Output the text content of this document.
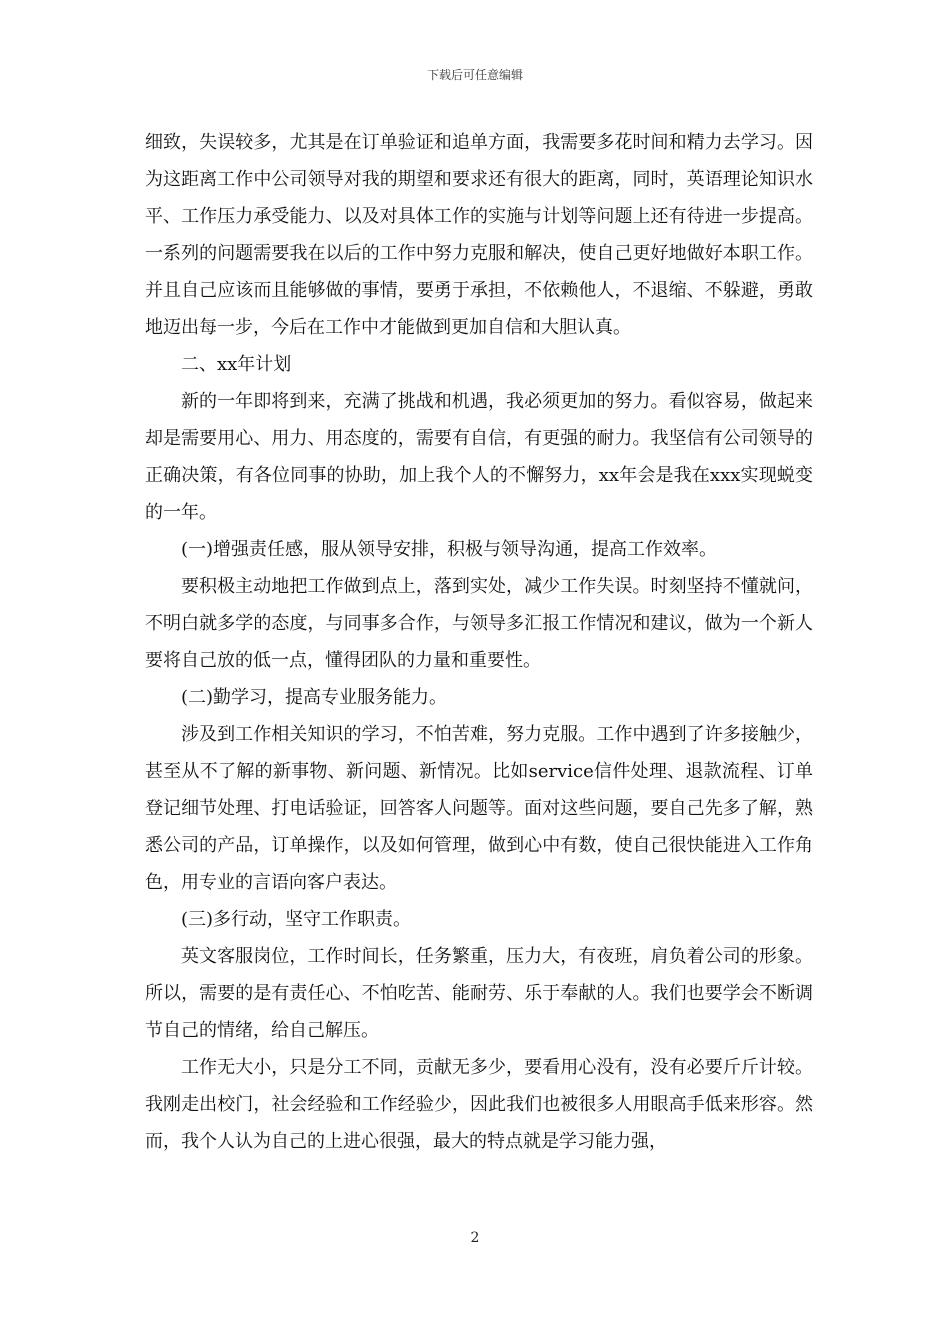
下载后可任意编辑

细致，失误较多，尤其是在订单验证和追单方面，我需要多花时间和精力去学习。因为这距离工作中公司领导对我的期望和要求还有很大的距离，同时，英语理论知识水平、工作压力承受能力、以及对具体工作的实施与计划等问题上还有待进一步提高。一系列的问题需要我在以后的工作中努力克服和解决，使自己更好地做好本职工作。并且自己应该而且能够做的事情，要勇于承担，不依赖他人，不退缩、不躲避，勇敢地迈出每一步，今后在工作中才能做到更加自信和大胆认真。

二、xx年计划

新的一年即将到来，充满了挑战和机遇，我必须更加的努力。看似容易，做起来却是需要用心、用力、用态度的，需要有自信，有更强的耐力。我坚信有公司领导的正确决策，有各位同事的协助，加上我个人的不懈努力，xx年会是我在xxx实现蜕变的一年。

(一)增强责任感，服从领导安排，积极与领导沟通，提高工作效率。

要积极主动地把工作做到点上，落到实处，减少工作失误。时刻坚持不懂就问，不明白就多学的态度，与同事多合作，与领导多汇报工作情况和建议，做为一个新人要将自己放的低一点，懂得团队的力量和重要性。

(二)勤学习，提高专业服务能力。

涉及到工作相关知识的学习，不怕苦难，努力克服。工作中遇到了许多接触少，甚至从不了解的新事物、新问题、新情况。比如service信件处理、退款流程、订单登记细节处理、打电话验证，回答客人问题等。面对这些问题，要自己先多了解，熟悉公司的产品，订单操作，以及如何管理，做到心中有数，使自己很快能进入工作角色，用专业的言语向客户表达。

(三)多行动，坚守工作职责。

英文客服岗位，工作时间长，任务繁重，压力大，有夜班，肩负着公司的形象。所以，需要的是有责任心、不怕吃苦、能耐劳、乐于奉献的人。我们也要学会不断调节自己的情绪，给自己解压。

工作无大小，只是分工不同，贡献无多少，要看用心没有，没有必要斤斤计较。我刚走出校门，社会经验和工作经验少，因此我们也被很多人用眼高手低来形容。然而，我个人认为自己的上进心很强，最大的特点就是学习能力强，

2
